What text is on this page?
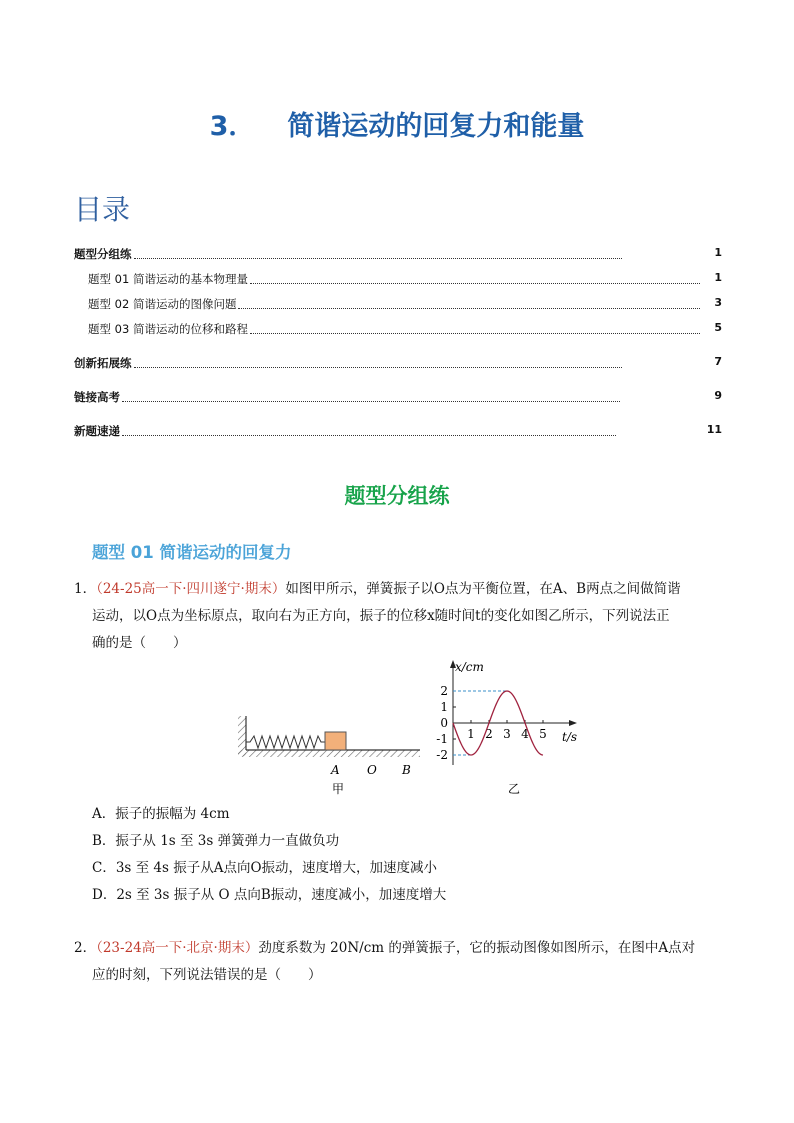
3． 简谐运动的回复力和能量
目录
题型分组练	1
题型 01 简谐运动的基本物理量	1
题型 02 简谐运动的图像问题	3
题型 03 简谐运动的位移和路程	5
创新拓展练	7
链接高考	9
新题速递	11
题型分组练
题型 01 简谐运动的回复力
1．（24-25高一下·四川遂宁·期末）如图甲所示，弹簧振子以O点为平衡位置，在A、B两点之间做简谐
运动，以O点为坐标原点，取向右为正方向，振子的位移x随时间t的变化如图乙所示，下列说法正
确的是（　　）
A O B
甲
x/cm
t/s
2
1
0
-1
-2
1 2 3 4 5
乙
A．振子的振幅为 4cm
B．振子从 1s 至 3s 弹簧弹力一直做负功
C．3s 至 4s 振子从A点向O振动，速度增大，加速度减小
D．2s 至 3s 振子从 O 点向B振动，速度减小，加速度增大
2．（23-24高一下·北京·期末）劲度系数为 20N/cm 的弹簧振子，它的振动图像如图所示，在图中A点对
应的时刻，下列说法错误的是（　　）
